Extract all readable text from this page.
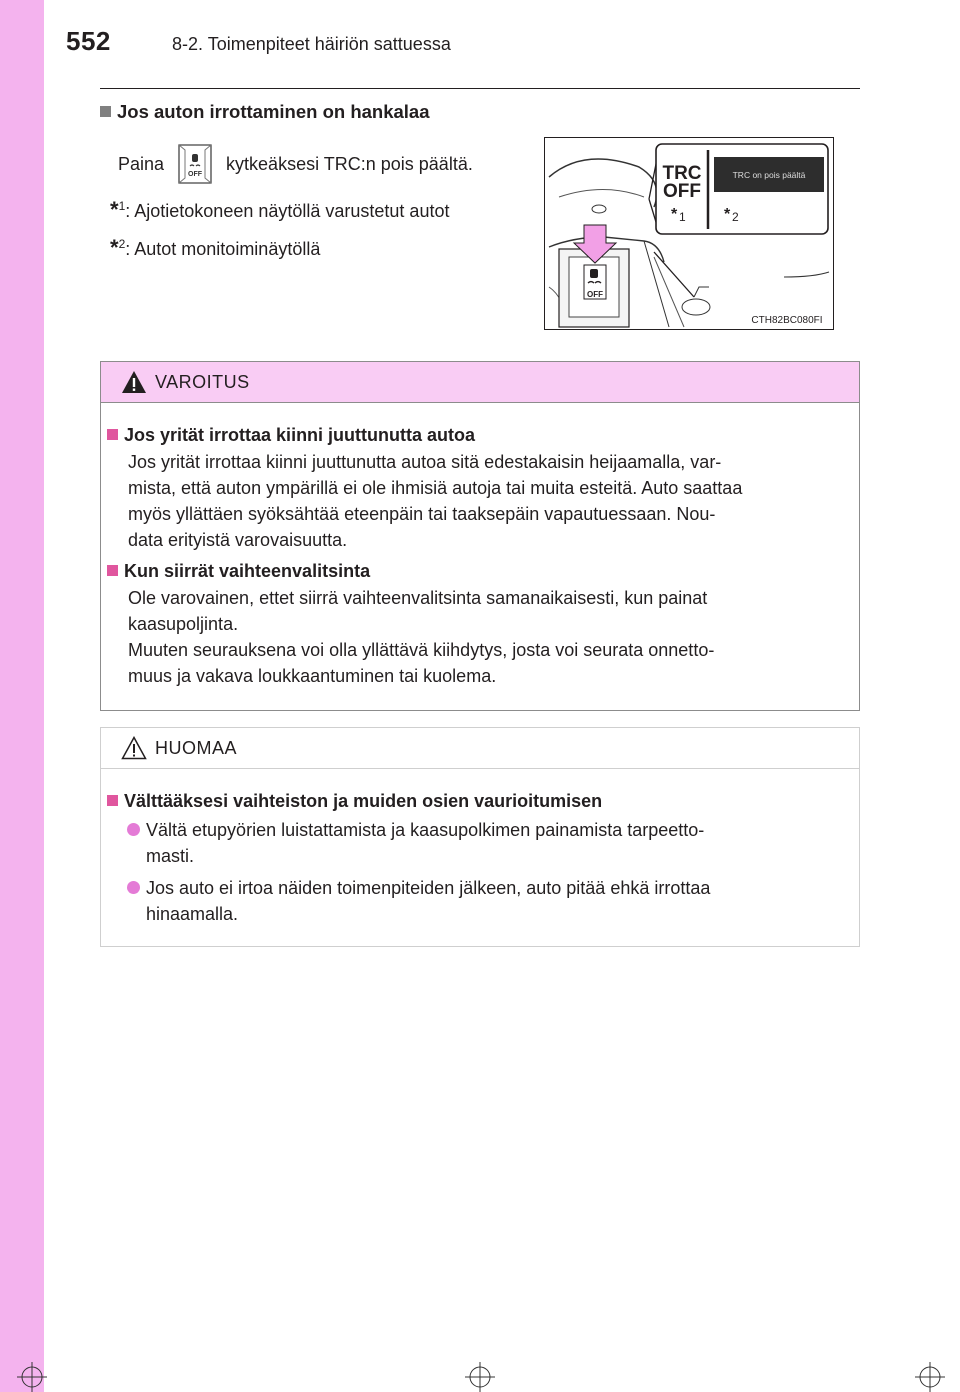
552	8-2. Toimenpiteet häiriön sattuessa
Jos auton irrottaminen on hankalaa
Paina
OFF
kytkeäksesi TRC:n pois päältä.
*$^1$: Ajotietokoneen näytöllä varustetut autot
*$^2$: Autot monitoiminäytöllä
OFF
TRC
OFF
TRC on pois päältä
* 1 * 2
CTH82BC080FI
VAROITUS
Jos yrität irrottaa kiinni juuttunutta autoa
Jos yrität irrottaa kiinni juuttunutta autoa sitä edestakaisin heijaamalla, var-
mista, että auton ympärillä ei ole ihmisiä autoja tai muita esteitä. Auto saattaa
myös yllättäen syöksähtää eteenpäin tai taaksepäin vapautuessaan. Nou-
data erityistä varovaisuutta.
Kun siirrät vaihteenvalitsinta
Ole varovainen, ettet siirrä vaihteenvalitsinta samanaikaisesti, kun painat
kaasupoljinta.
Muuten seurauksena voi olla yllättävä kiihdytys, josta voi seurata onnetto-
muus ja vakava loukkaantuminen tai kuolema.
HUOMAA
Välttääksesi vaihteiston ja muiden osien vaurioitumisen
Vältä etupyörien luistattamista ja kaasupolkimen painamista tarpeetto-
masti.
Jos auto ei irtoa näiden toimenpiteiden jälkeen, auto pitää ehkä irrottaa
hinaamalla.
